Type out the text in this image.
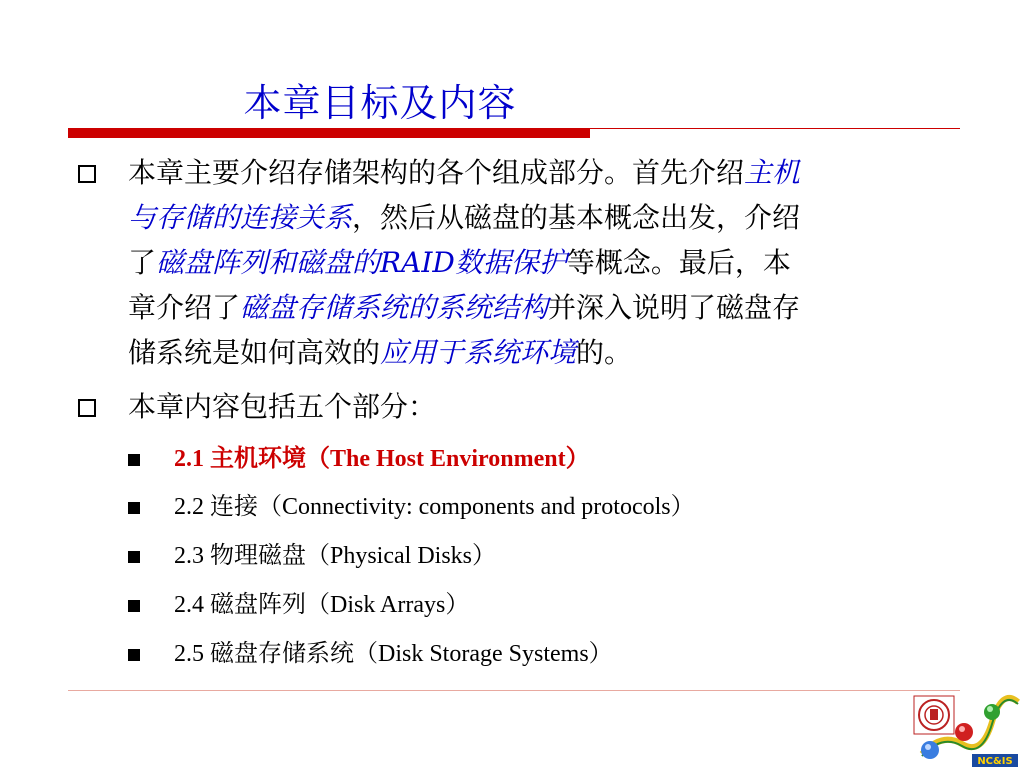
本章目标及内容
本章主要介绍存储架构的各个组成部分。首先介绍主机
与存储的连接关系，然后从磁盘的基本概念出发，介绍
了磁盘阵列和磁盘的RAID数据保护等概念。最后，本
章介绍了磁盘存储系统的系统结构并深入说明了磁盘存
储系统是如何高效的应用于系统环境的。
本章内容包括五个部分：
2.1 主机环境（The Host Environment）
2.2 连接（Connectivity: components and protocols）
2.3 物理磁盘（Physical Disks）
2.4 磁盘阵列（Disk Arrays）
2.5 磁盘存储系统（Disk Storage Systems）
NC&IS
